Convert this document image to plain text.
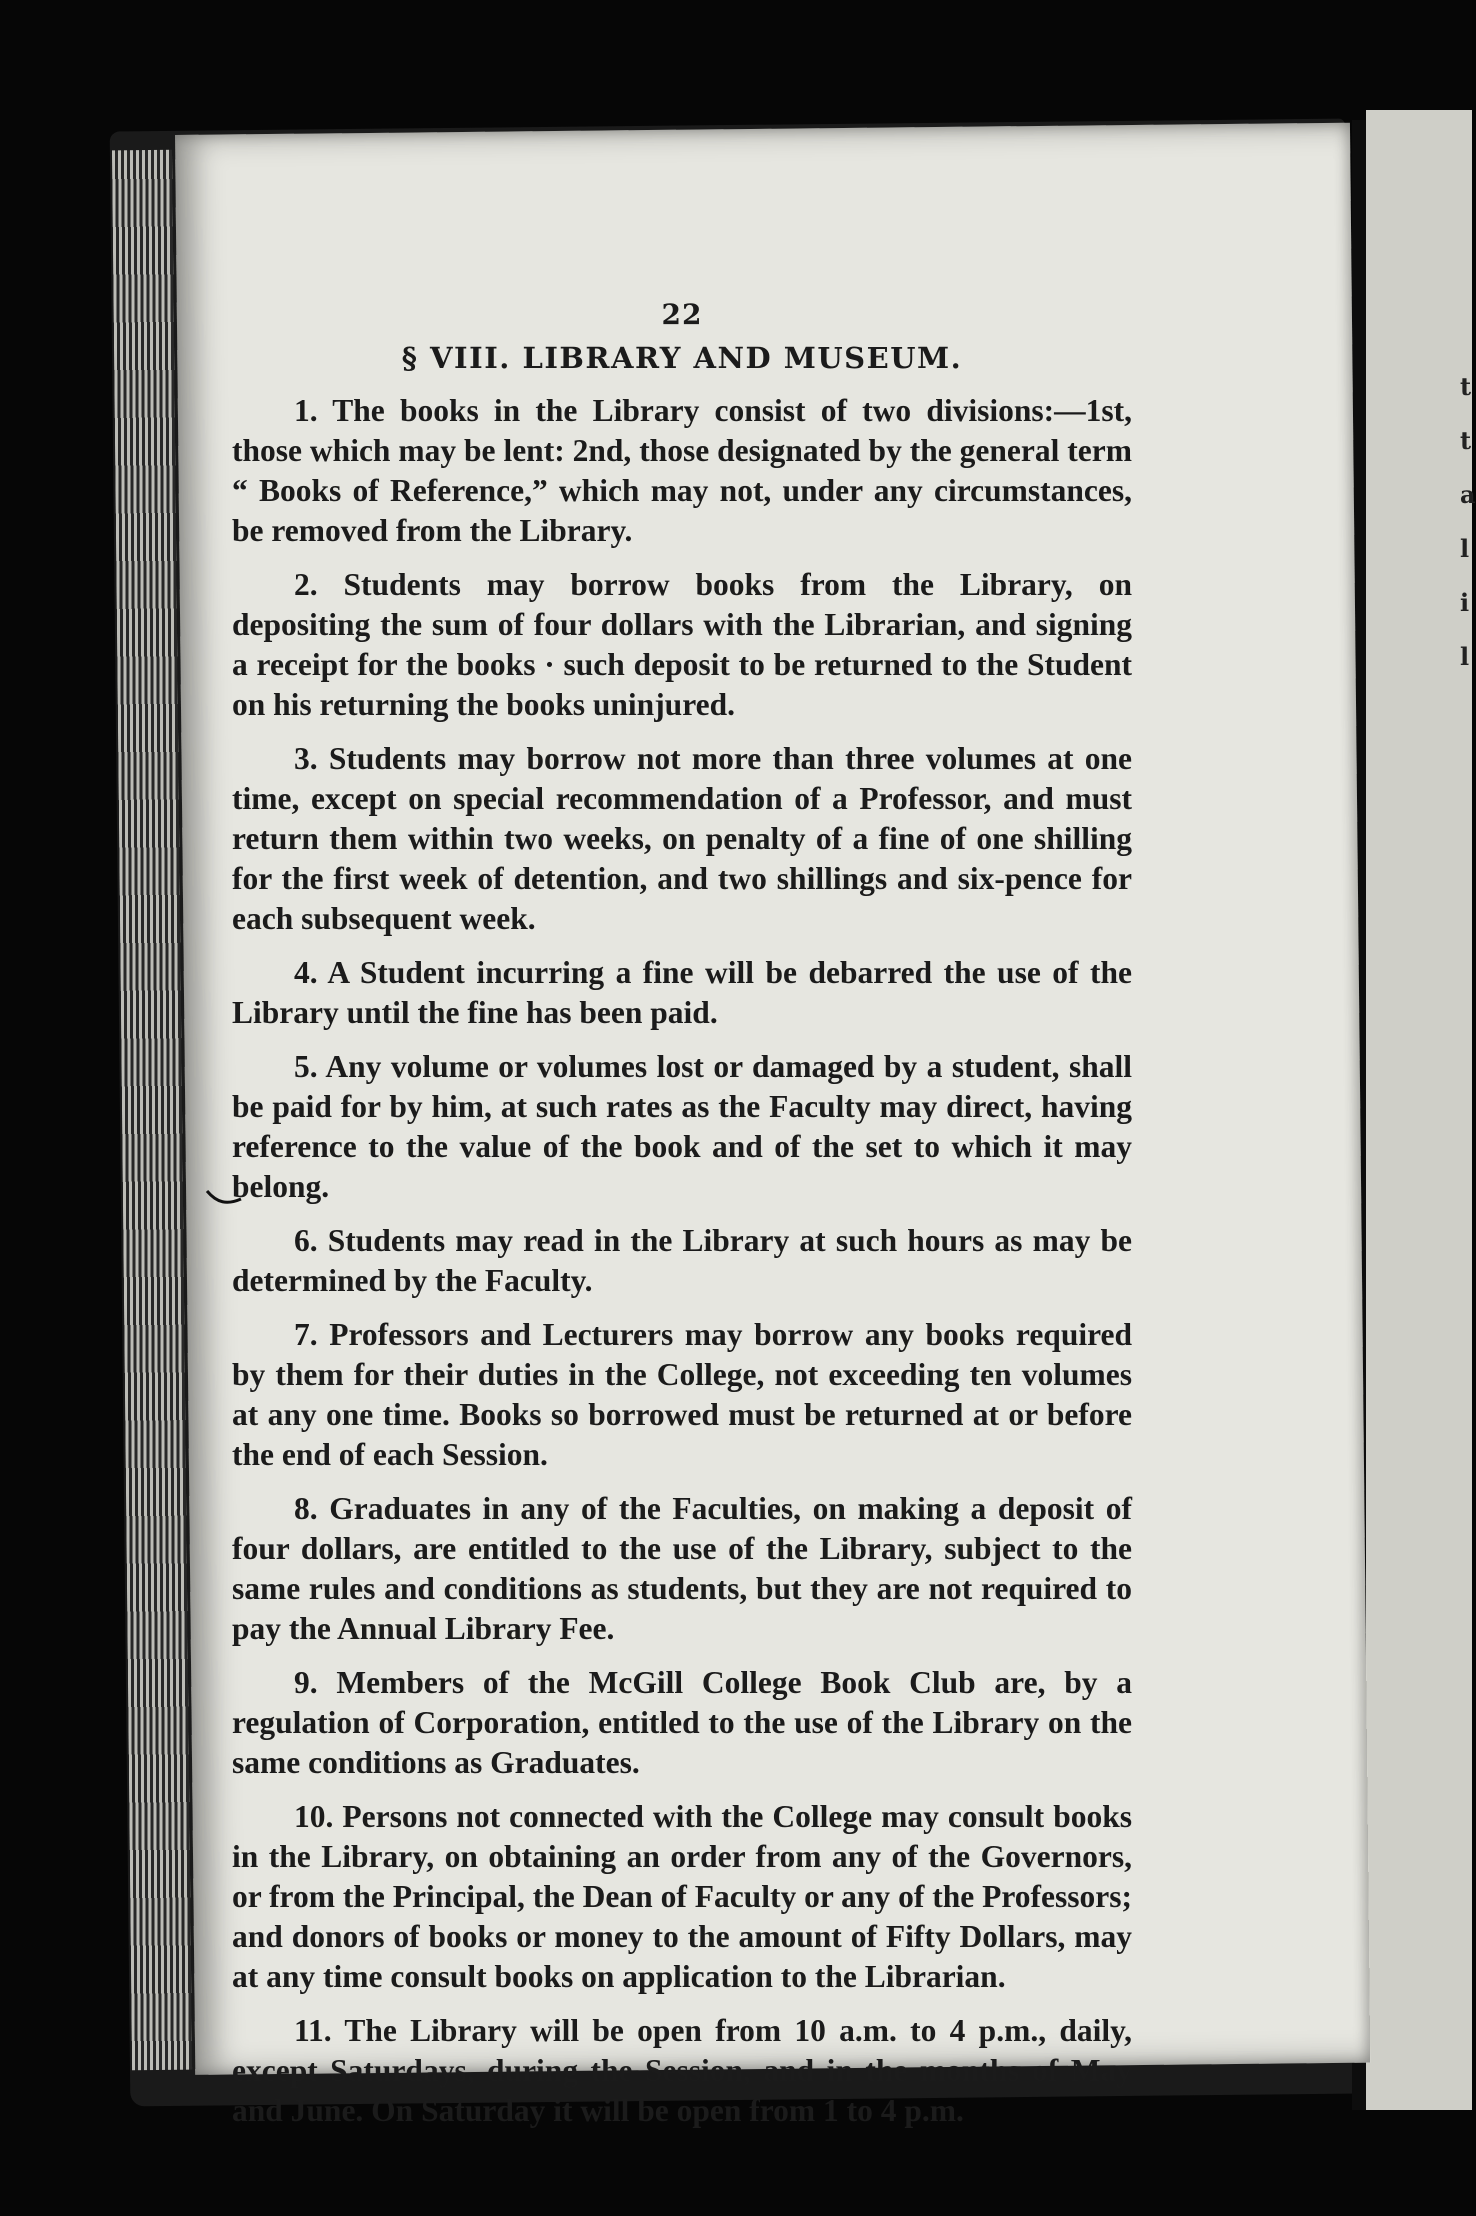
t
t
a
l
i
l
22
§ VIII. LIBRARY AND MUSEUM.

1. The books in the Library consist of two divisions:—1st, those which may be lent: 2nd, those designated by the general term “ Books of Reference,” which may not, under any circumstances, be removed from the Library.

2. Students may borrow books from the Library, on depositing the sum of four dollars with the Librarian, and signing a receipt for the books · such deposit to be returned to the Student on his returning the books uninjured.

3. Students may borrow not more than three volumes at one time, except on special recommendation of a Professor, and must return them within two weeks, on penalty of a fine of one shilling for the first week of detention, and two shillings and six-pence for each subsequent week.

4. A Student incurring a fine will be debarred the use of the Library until the fine has been paid.

5. Any volume or volumes lost or damaged by a student, shall be paid for by him, at such rates as the Faculty may direct, having reference to the value of the book and of the set to which it may belong.

6. Students may read in the Library at such hours as may be determined by the Faculty.

7. Professors and Lecturers may borrow any books required by them for their duties in the College, not exceeding ten volumes at any one time. Books so borrowed must be returned at or before the end of each Session.

8. Graduates in any of the Faculties, on making a deposit of four dollars, are entitled to the use of the Library, subject to the same rules and conditions as students, but they are not required to pay the Annual Library Fee.

9. Members of the McGill College Book Club are, by a regulation of Corporation, entitled to the use of the Library on the same conditions as Graduates.

10. Persons not connected with the College may consult books in the Library, on obtaining an order from any of the Governors, or from the Principal, the Dean of Faculty or any of the Professors; and donors of books or money to the amount of Fifty Dollars, may at any time consult books on application to the Librarian.

11. The Library will be open from 10 a.m. to 4 p.m., daily, except Saturdays, during the Session, and in the months of May and June. On Saturday it will be open from 1 to 4 p.m.
